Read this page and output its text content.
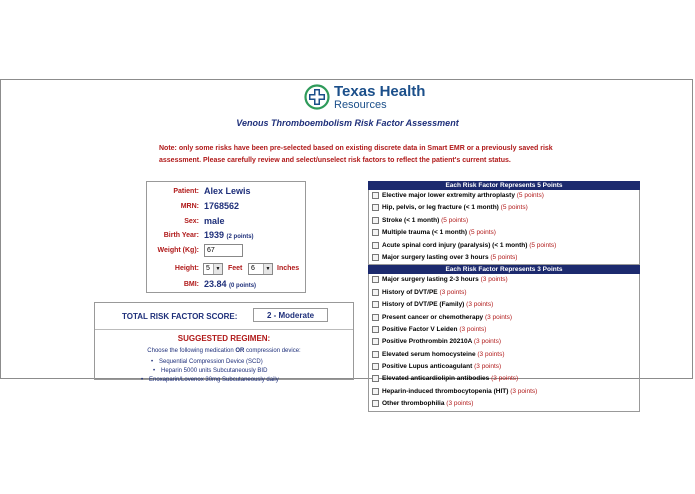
Texas Health
Resources
Venous Thromboembolism Risk Factor Assessment
Note: only some risks have been pre-selected based on existing discrete data in Smart EMR or a previously saved risk assessment. Please carefully review and select/unselect risk factors to reflect the patient's current status.
Patient: Alex Lewis
MRN: 1768562
Sex: male
Birth Year: 1939 (2 points)
Weight (Kg):	67
Height:	5	▼ Feet	6	▼ Inches
BMI: 23.84 (0 points)
TOTAL RISK FACTOR SCORE:	2 - Moderate
SUGGESTED REGIMEN:
Choose the following medication OR compression device:
• Sequential Compression Device (SCD)
• Heparin 5000 units Subcutaneously BID
• Enoxaparin/Lovenox 30mg Subcutaneously daily
Each Risk Factor Represents 5 Points
Elective major lower extremity arthroplasty (5 points)
Hip, pelvis, or leg fracture (< 1 month) (5 points)
Stroke (< 1 month) (5 points)
Multiple trauma (< 1 month) (5 points)
Acute spinal cord injury (paralysis) (< 1 month) (5 points)
Major surgery lasting over 3 hours (5 points)
Each Risk Factor Represents 3 Points
Major surgery lasting 2-3 hours (3 points)
History of DVT/PE (3 points)
History of DVT/PE (Family) (3 points)
Present cancer or chemotherapy (3 points)
Positive Factor V Leiden (3 points)
Positive Prothrombin 20210A (3 points)
Elevated serum homocysteine (3 points)
Positive Lupus anticoagulant (3 points)
Elevated anticardiolipin antibodies (3 points)
Heparin-induced thrombocytopenia (HIT) (3 points)
Other thrombophilia (3 points)
